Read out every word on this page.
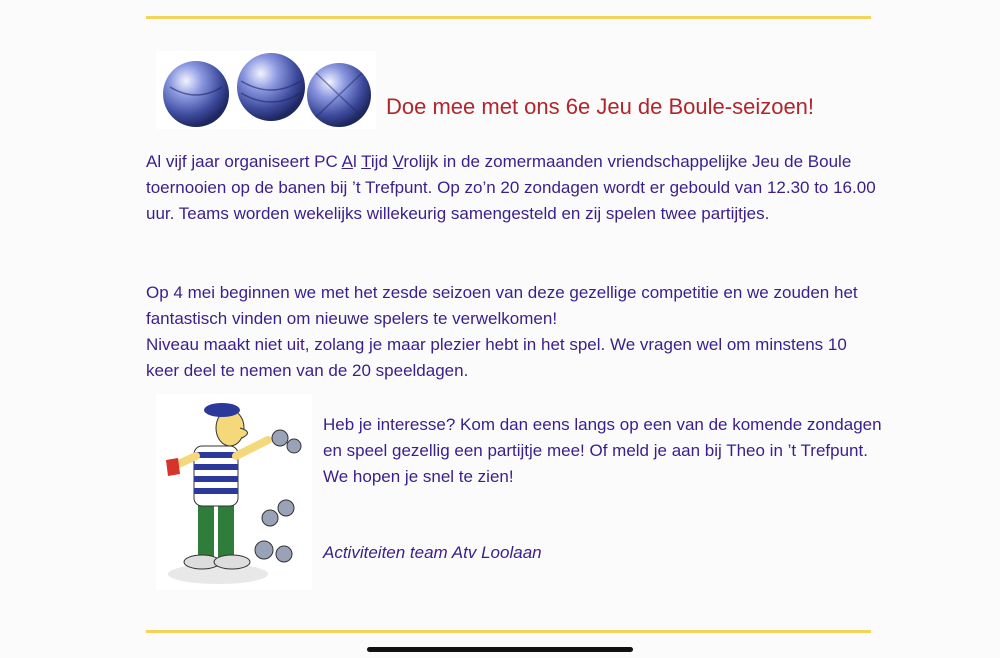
Doe mee met ons 6e Jeu de Boule-seizoen!

Al vijf jaar organiseert PC Al Tijd Vrolijk in de zomermaanden vriendschappelijke Jeu de Boule toernooien op de banen bij ’t Trefpunt. Op zo’n 20 zondagen wordt er gebould van 12.30 to 16.00 uur. Teams worden wekelijks willekeurig samengesteld en zij spelen twee partijtjes.

Op 4 mei beginnen we met het zesde seizoen van deze gezellige competitie en we zouden het fantastisch vinden om nieuwe spelers te verwelkomen!
Niveau maakt niet uit, zolang je maar plezier hebt in het spel. We vragen wel om minstens 10 keer deel te nemen van de 20 speeldagen.

Heb je interesse? Kom dan eens langs op een van de komende zondagen en speel gezellig een partijtje mee! Of meld je aan bij Theo in ’t Trefpunt.
We hopen je snel te zien!

Activiteiten team Atv Loolaan
